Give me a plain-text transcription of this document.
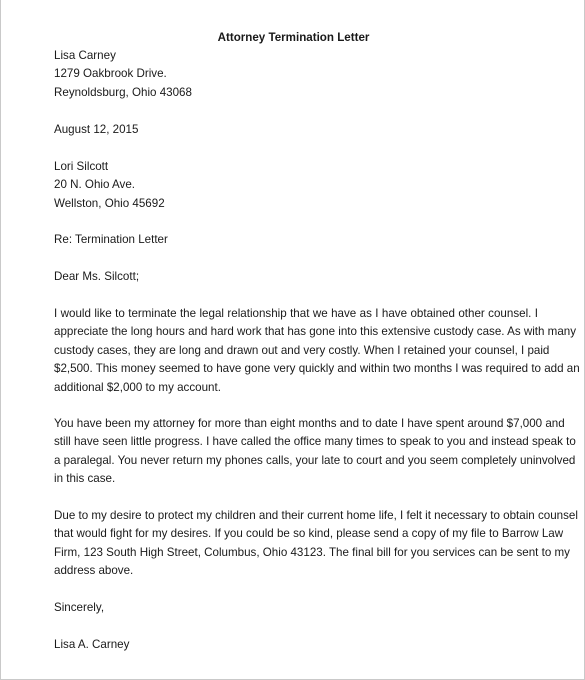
Attorney Termination Letter
Lisa Carney
1279 Oakbrook Drive.
Reynoldsburg, Ohio 43068
August 12, 2015
Lori Silcott
20 N. Ohio Ave.
Wellston, Ohio 45692
Re: Termination Letter
Dear Ms. Silcott;

I would like to terminate the legal relationship that we have as I have obtained other counsel. I
appreciate the long hours and hard work that has gone into this extensive custody case. As with many
custody cases, they are long and drawn out and very costly. When I retained your counsel, I paid
$2,500. This money seemed to have gone very quickly and within two months I was required to add an
additional $2,000 to my account.

You have been my attorney for more than eight months and to date I have spent around $7,000 and
still have seen little progress. I have called the office many times to speak to you and instead speak to
a paralegal. You never return my phones calls, your late to court and you seem completely uninvolved
in this case.

Due to my desire to protect my children and their current home life, I felt it necessary to obtain counsel
that would fight for my desires. If you could be so kind, please send a copy of my file to Barrow Law
Firm, 123 South High Street, Columbus, Ohio 43123. The final bill for you services can be sent to my
address above.

Sincerely,
Lisa A. Carney
